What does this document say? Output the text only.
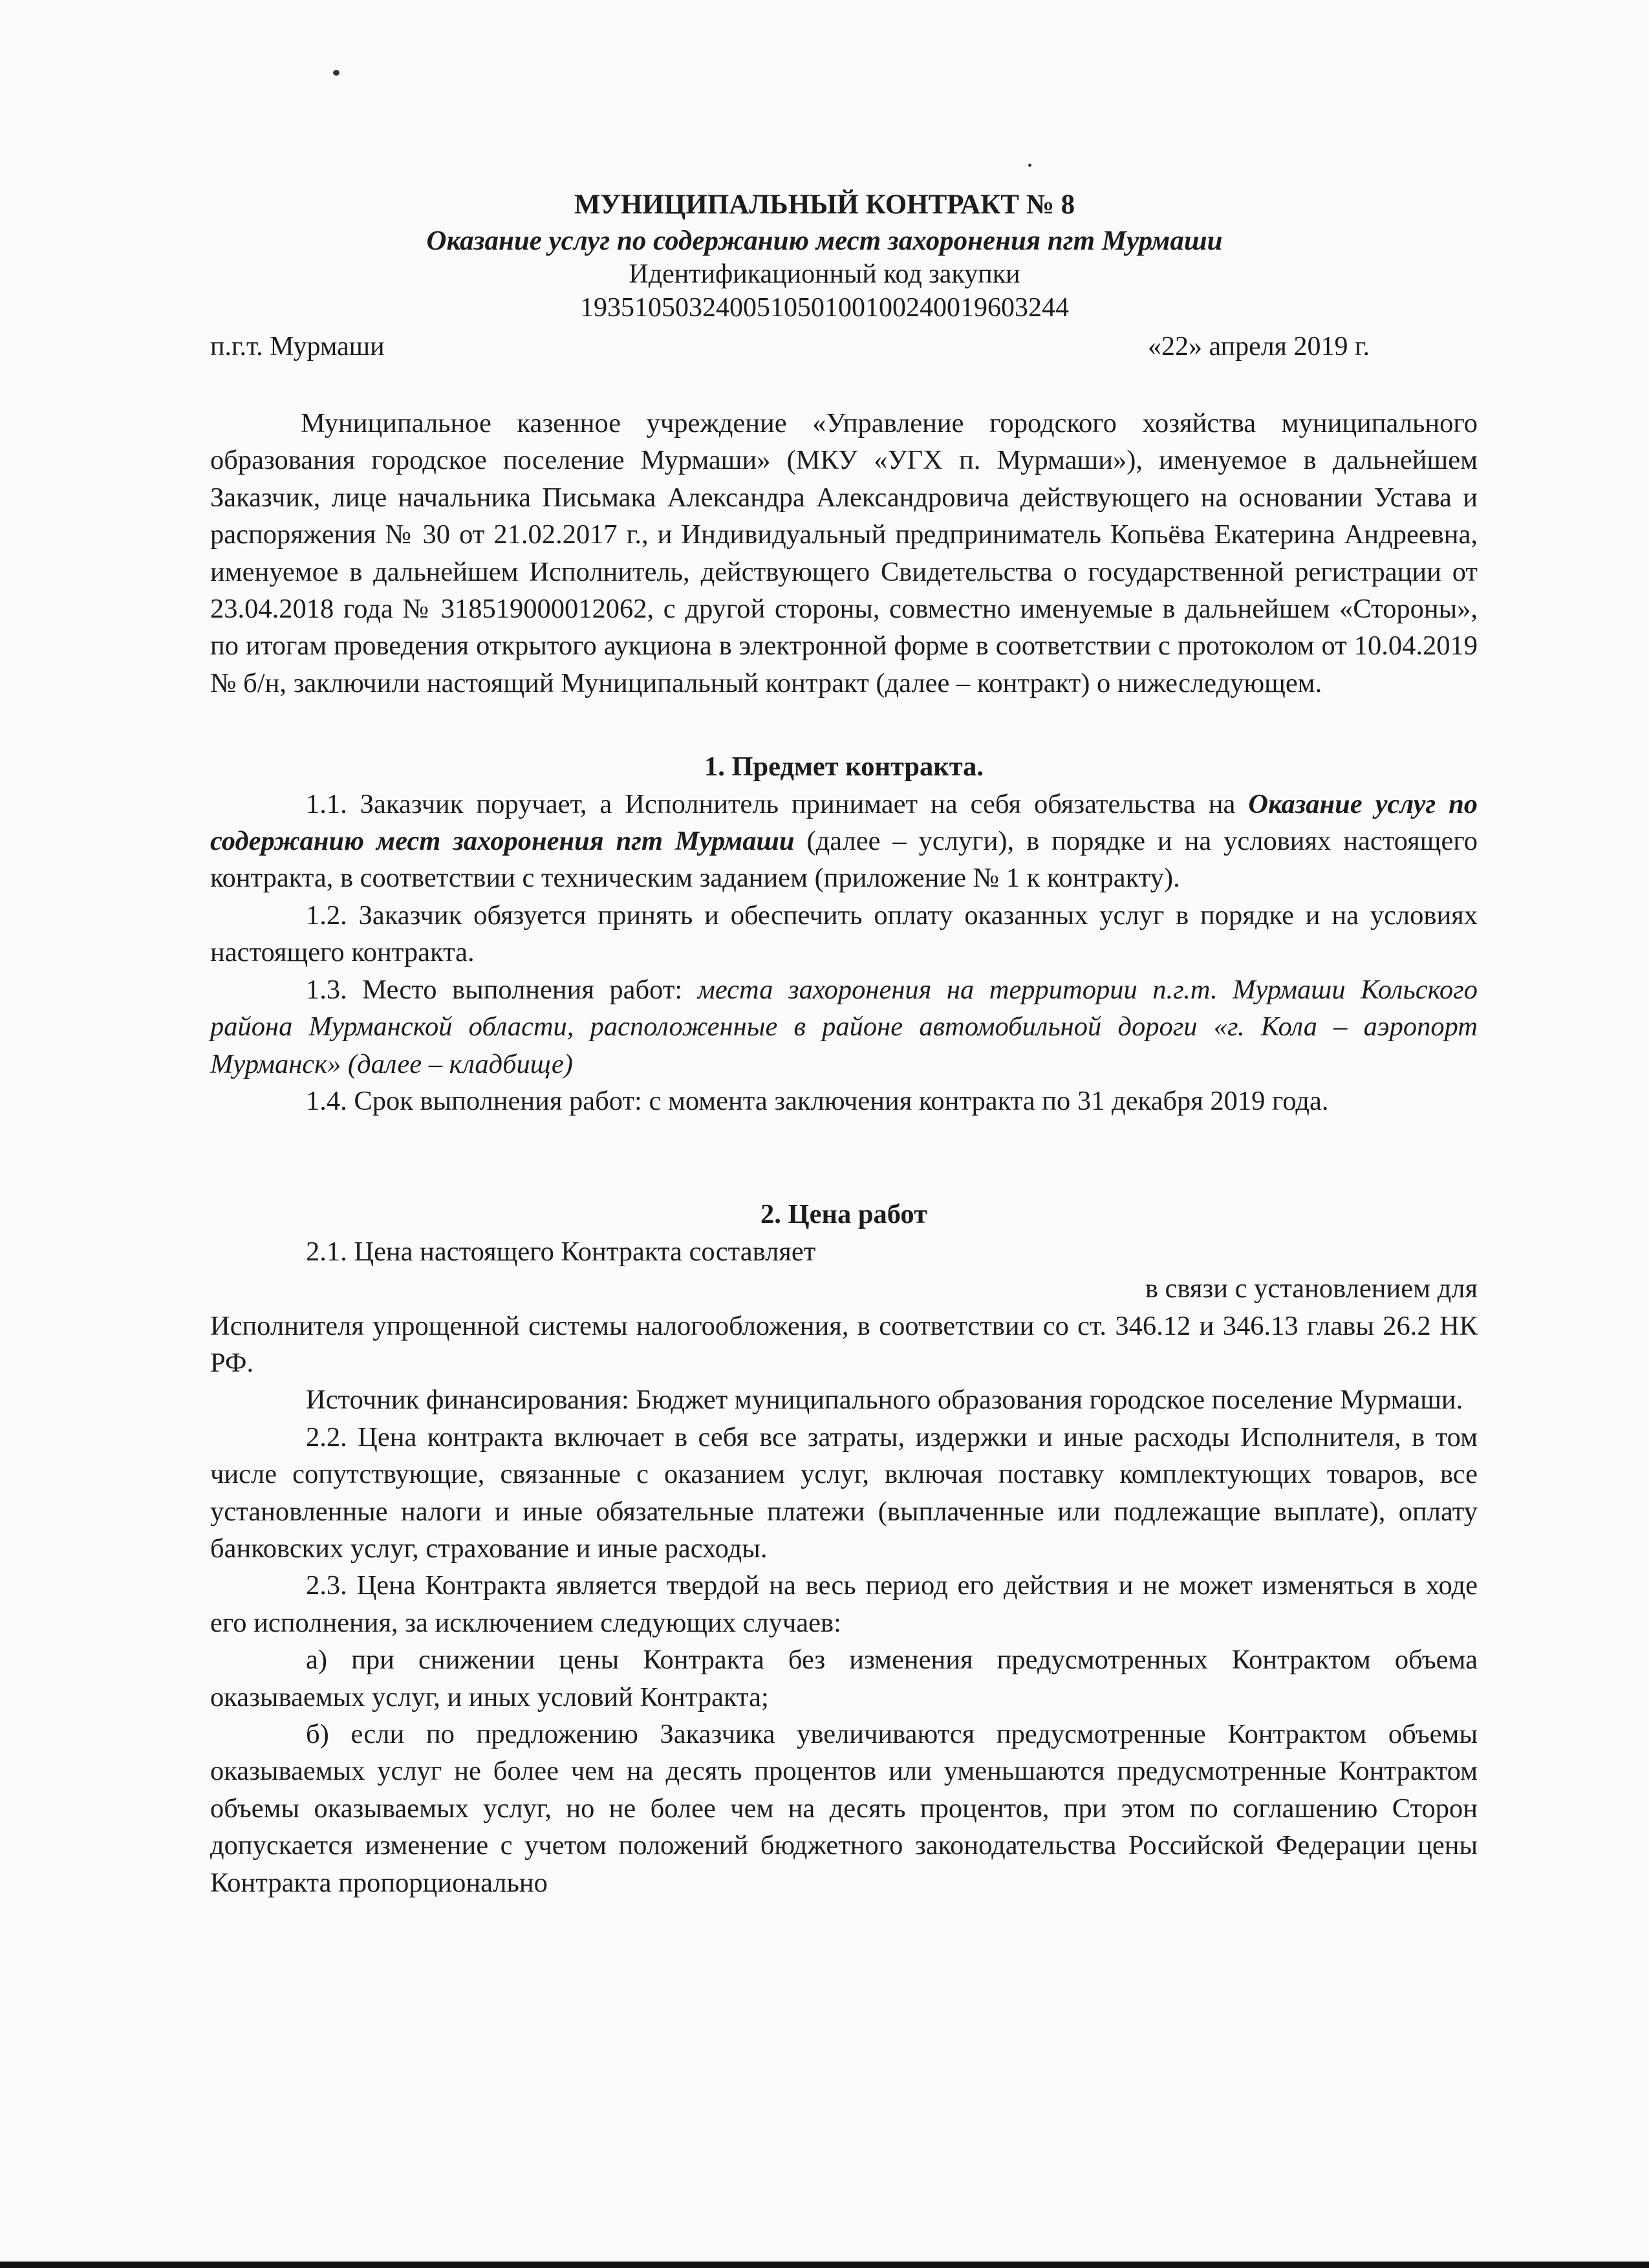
МУНИЦИПАЛЬНЫЙ КОНТРАКТ № 8
Оказание услуг по содержанию мест захоронения пгт Мурмаши
Идентификационный код закупки
193510503240051050100100240019603244
п.г.т. Мурмаши	«22» апреля 2019 г.

Муниципальное казенное учреждение «Управление городского хозяйства муниципального образования городское поселение Мурмаши» (МКУ «УГХ п. Мурмаши»), именуемое в дальнейшем Заказчик, лице начальника Письмака Александра Александровича действующего на основании Устава и распоряжения № 30 от 21.02.2017 г., и Индивидуальный предприниматель Копьёва Екатерина Андреевна, именуемое в дальнейшем Исполнитель, действующего Свидетельства о государственной регистрации от 23.04.2018 года № 318519000012062, с другой стороны, совместно именуемые в дальнейшем «Стороны», по итогам проведения открытого аукциона в электронной форме в соответствии с протоколом от 10.04.2019 № б/н, заключили настоящий Муниципальный контракт (далее – контракт) о нижеследующем.

1. Предмет контракта.

1.1. Заказчик поручает, а Исполнитель принимает на себя обязательства на Оказание услуг по содержанию мест захоронения пгт Мурмаши (далее – услуги), в порядке и на условиях настоящего контракта, в соответствии с техническим заданием (приложение № 1 к контракту).

1.2. Заказчик обязуется принять и обеспечить оплату оказанных услуг в порядке и на условиях настоящего контракта.

1.3. Место выполнения работ: места захоронения на территории п.г.т. Мурмаши Кольского района Мурманской области, расположенные в районе автомобильной дороги «г. Кола – аэропорт Мурманск» (далее – кладбище)

1.4. Срок выполнения работ: с момента заключения контракта по 31 декабря 2019 года.

2. Цена работ

2.1. Цена настоящего Контракта составляет

в связи с установлением для

Исполнителя упрощенной системы налогообложения, в соответствии со ст. 346.12 и 346.13 главы 26.2 НК РФ.

Источник финансирования: Бюджет муниципального образования городское поселение Мурмаши.

2.2. Цена контракта включает в себя все затраты, издержки и иные расходы Исполнителя, в том числе сопутствующие, связанные с оказанием услуг, включая поставку комплектующих товаров, все установленные налоги и иные обязательные платежи (выплаченные или подлежащие выплате), оплату банковских услуг, страхование и иные расходы.

2.3. Цена Контракта является твердой на весь период его действия и не может изменяться в ходе его исполнения, за исключением следующих случаев:

а) при снижении цены Контракта без изменения предусмотренных Контрактом объема оказываемых услуг, и иных условий Контракта;

б) если по предложению Заказчика увеличиваются предусмотренные Контрактом объемы оказываемых услуг не более чем на десять процентов или уменьшаются предусмотренные Контрактом объемы оказываемых услуг, но не более чем на десять процентов, при этом по соглашению Сторон допускается изменение с учетом положений бюджетного законодательства Российской Федерации цены Контракта пропорционально
